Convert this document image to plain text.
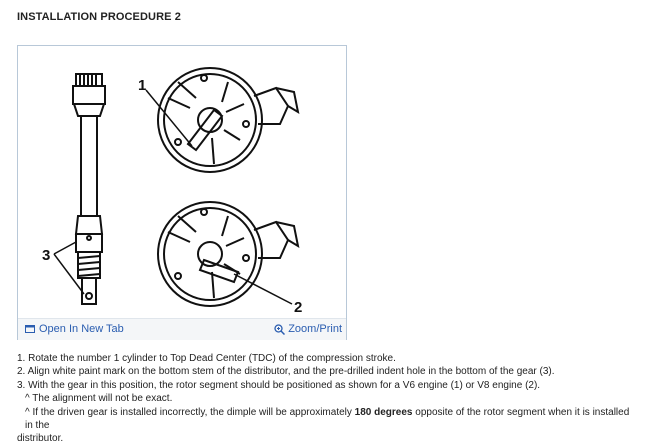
INSTALLATION PROCEDURE 2
1
2
3
Open In New Tab	Zoom/Print
1. Rotate the number 1 cylinder to Top Dead Center (TDC) of the compression stroke.
2. Align white paint mark on the bottom stem of the distributor, and the pre-drilled indent hole in the bottom of the gear (3).
3. With the gear in this position, the rotor segment should be positioned as shown for a V6 engine (1) or V8 engine (2).
^ The alignment will not be exact.
^ If the driven gear is installed incorrectly, the dimple will be approximately 180 degrees opposite of the rotor segment when it is installed in the
distributor.
